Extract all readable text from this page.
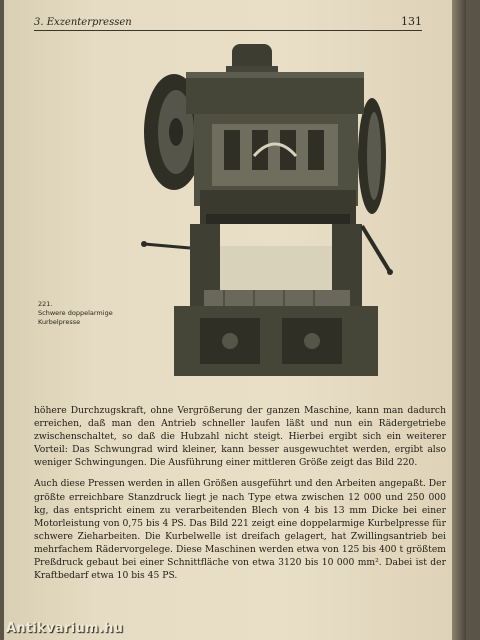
3. Exzenterpressen	131
221.
Schwere doppelarmige
Kurbelpresse

höhere Durchzugskraft, ohne Vergrößerung der ganzen Maschine, kann man dadurch erreichen, daß man den Antrieb schneller laufen läßt und nun ein Rädergetriebe zwischenschaltet, so daß die Hubzahl nicht steigt. Hierbei ergibt sich ein weiterer Vorteil: Das Schwungrad wird kleiner, kann besser ausgewuchtet werden, ergibt also weniger Schwingungen. Die Ausführung einer mittleren Größe zeigt das Bild 220.

Auch diese Pressen werden in allen Größen ausgeführt und den Arbeiten angepaßt. Der größte erreichbare Stanzdruck liegt je nach Type etwa zwischen 12 000 und 250 000 kg, das entspricht einem zu verarbeitenden Blech von 4 bis 13 mm Dicke bei einer Motorleistung von 0,75 bis 4 PS. Das Bild 221 zeigt eine doppelarmige Kurbelpresse für schwere Zieharbeiten. Die Kurbelwelle ist dreifach gelagert, hat Zwillingsantrieb bei mehrfachem Rädervorgelege. Diese Maschinen werden etwa von 125 bis 400 t größtem Preßdruck gebaut bei einer Schnittfläche von etwa 3120 bis 10 000 mm². Dabei ist der Kraftbedarf etwa 10 bis 45 PS.

Antikvarium.hu
